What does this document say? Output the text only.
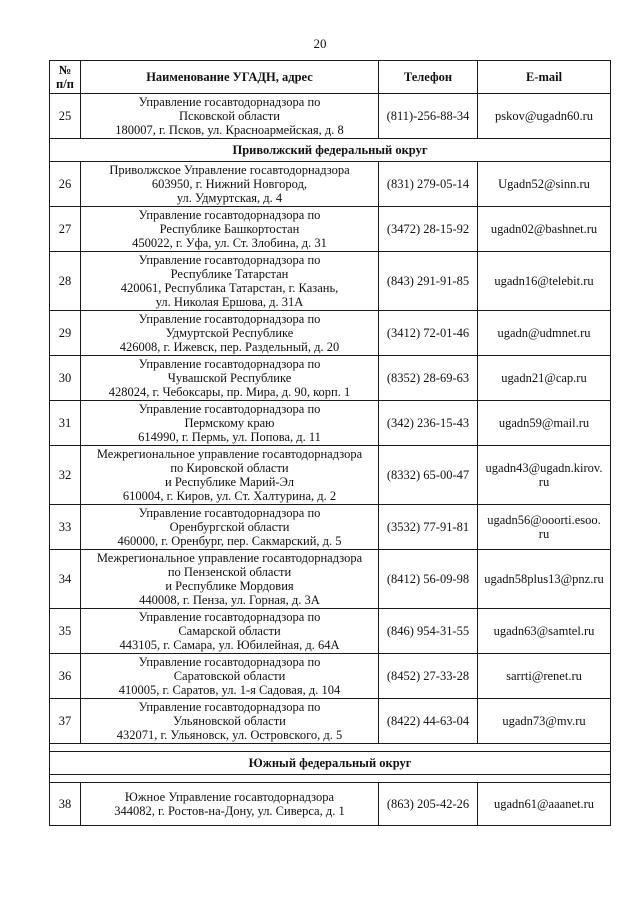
20
№
п/п	Наименование УГАДН, адрес	Телефон	E-mail
25	Управление госавтодорнадзора по
Псковской области
180007, г. Псков, ул. Красноармейская, д. 8	(811)-256-88-34	pskov@ugadn60.ru

Приволжский федеральный округ			
26	Приволжское Управление госавтодорнадзора
603950, г. Нижний Новгород,
ул. Удмуртская, д. 4	(831) 279-05-14	Ugadn52@sinn.ru

27	Управление госавтодорнадзора по
Республике Башкортостан
450022, г. Уфа, ул. Ст. Злобина, д. 31	(3472) 28-15-92	ugadn02@bashnet.ru

28	Управление госавтодорнадзора по
Республике Татарстан
420061, Республика Татарстан, г. Казань,
ул. Николая Ершова, д. 31А	(843) 291-91-85	ugadn16@telebit.ru

29	Управление госавтодорнадзора по
Удмуртской Республике
426008, г. Ижевск, пер. Раздельный, д. 20	(3412) 72-01-46	ugadn@udmnet.ru

30	Управление госавтодорнадзора по
Чувашской Республике
428024, г. Чебоксары, пр. Мира, д. 90, корп. 1	(8352) 28-69-63	ugadn21@cap.ru

31	Управление госавтодорнадзора по
Пермскому краю
614990, г. Пермь, ул. Попова, д. 11	(342) 236-15-43	ugadn59@mail.ru

32	Межрегиональное управление госавтодорнадзора
по Кировской области
и Республике Марий-Эл
610004, г. Киров, ул. Ст. Халтурина, д. 2	(8332) 65-00-47	ugadn43@ugadn.kirov.
ru

33	Управление госавтодорнадзора по
Оренбургской области
460000, г. Оренбург, пер. Сакмарский, д. 5	(3532) 77-91-81	ugadn56@ooorti.esoo.
ru

34	Межрегиональное управление госавтодорнадзора
по Пензенской области
и Республике Мордовия
440008, г. Пенза, ул. Горная, д. 3А	(8412) 56-09-98	ugadn58plus13@pnz.ru

35	Управление госавтодорнадзора по
Самарской области
443105, г. Самара, ул. Юбилейная, д. 64А	(846) 954-31-55	ugadn63@samtel.ru

36	Управление госавтодорнадзора по
Саратовской области
410005, г. Саратов, ул. 1-я Садовая, д. 104	(8452) 27-33-28	sarrti@renet.ru

37	Управление госавтодорнадзора по
Ульяновской области
432071, г. Ульяновск, ул. Островского, д. 5	(8422) 44-63-04	ugadn73@mv.ru

Южный федеральный округ			

38	Южное Управление госавтодорнадзора
344082, г. Ростов-на-Дону, ул. Сиверса, д. 1	(863) 205-42-26	ugadn61@aaanet.ru
